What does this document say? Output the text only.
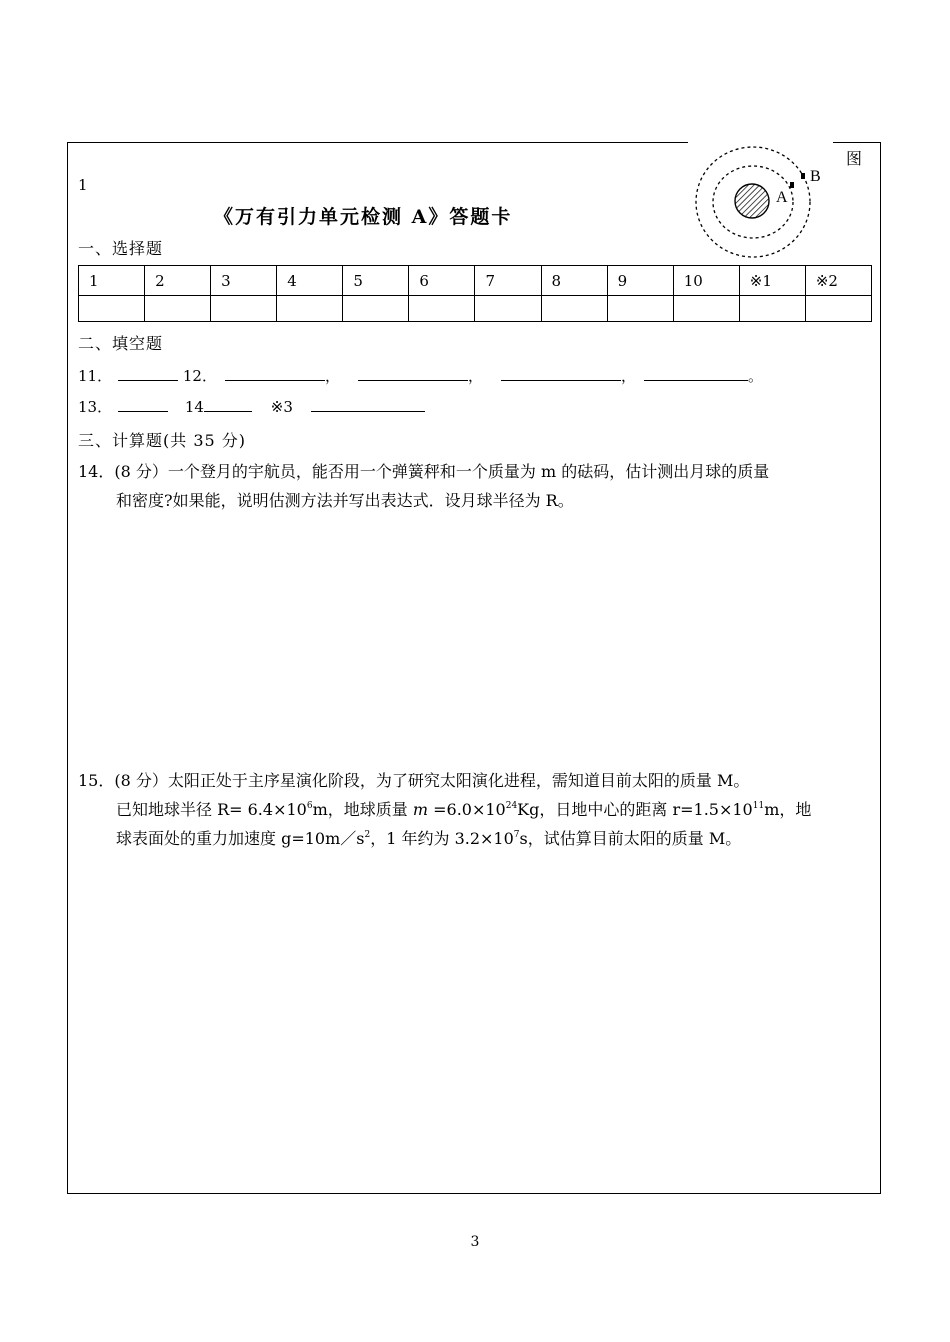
A
B
图
1
《万有引力单元检测 A》答题卡
一、选择题
1	2	3	4	5	6	7	8	9	10	※1	※2

二、填空题
11．	12．	，	，	，	。
13．	14	※3
三、计算题(共 35 分)
14．(8 分）一个登月的宇航员，能否用一个弹簧秤和一个质量为 m 的砝码，估计测出月球的质量
和密度?如果能，说明估测方法并写出表达式．设月球半径为 R。
15．(8 分）太阳正处于主序星演化阶段，为了研究太阳演化进程，需知道目前太阳的质量 M。
已知地球半径 $R= 6.4\times 10^6m$，地球质量 $m =6.0\times 10^{24}Kg$，日地中心的距离 $r=1.5\times 10^{11}m$，地
球表面处的重力加速度 $g=10m/s^2$，1 年约为 $3.2\times 10^7s$，试估算目前太阳的质量 M。
3
